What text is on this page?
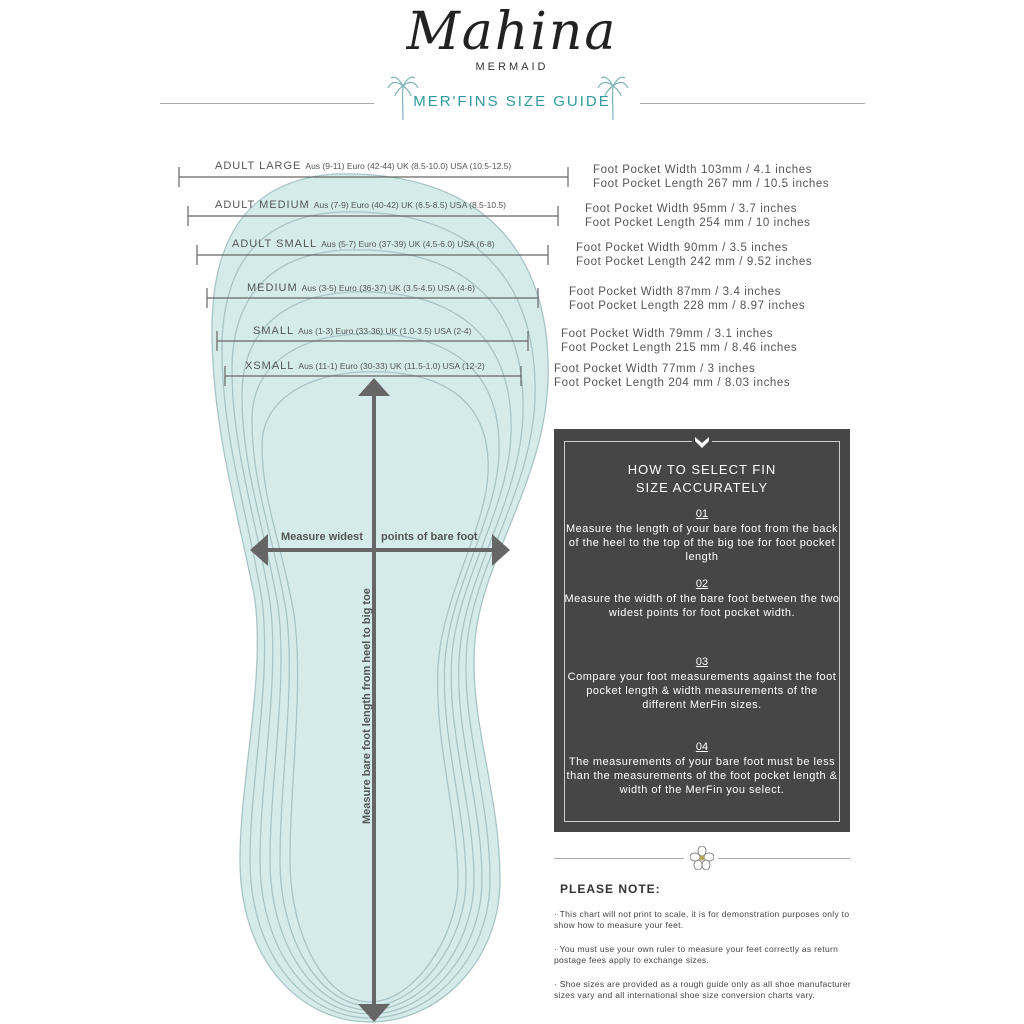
Mahina
MERMAID
MER'FINS SIZE GUIDE
Measure widest points of bare foot
Measure bare foot length from heel to big toe
ADULT LARGE Aus (9-11) Euro (42-44) UK (8.5-10.0) USA (10.5-12.5)
ADULT MEDIUM Aus (7-9) Euro (40-42) UK (6.5-8.5) USA (8.5-10.5)
ADULT SMALL Aus (5-7) Euro (37-39) UK (4.5-6.0) USA (6-8)
MEDIUM Aus (3-5) Euro (36-37) UK (3.5-4.5) USA (4-6)
SMALL Aus (1-3) Euro (33-36) UK (1.0-3.5) USA (2-4)
XSMALL Aus (11-1) Euro (30-33) UK (11.5-1.0) USA (12-2)
Foot Pocket Width 103mm / 4.1 inches
Foot Pocket Length 267 mm / 10.5 inches
Foot Pocket Width 95mm / 3.7 inches
Foot Pocket Length 254 mm / 10 inches
Foot Pocket Width 90mm / 3.5 inches
Foot Pocket Length 242 mm / 9.52 inches
Foot Pocket Width 87mm / 3.4 inches
Foot Pocket Length 228 mm / 8.97 inches
Foot Pocket Width 79mm / 3.1 inches
Foot Pocket Length 215 mm / 8.46 inches
Foot Pocket Width 77mm / 3 inches
Foot Pocket Length 204 mm / 8.03 inches
HOW TO SELECT FIN
SIZE ACCURATELY
01
Measure the length of your bare foot from the back of the heel to the top of the big toe for foot pocket length
02
Measure the width of the bare foot between the two widest points for foot pocket width.
03
Compare your foot measurements against the foot pocket length & width measurements of the different MerFin sizes.
04
The measurements of your bare foot must be less than the measurements of the foot pocket length & width of the MerFin you select.
PLEASE NOTE:
· This chart will not print to scale, it is for demonstration purposes only to show how to measure your feet.
· You must use your own ruler to measure your feet correctly as return postage fees apply to exchange sizes.
· Shoe sizes are provided as a rough guide only as all shoe manufacturer sizes vary and all international shoe size conversion charts vary.
